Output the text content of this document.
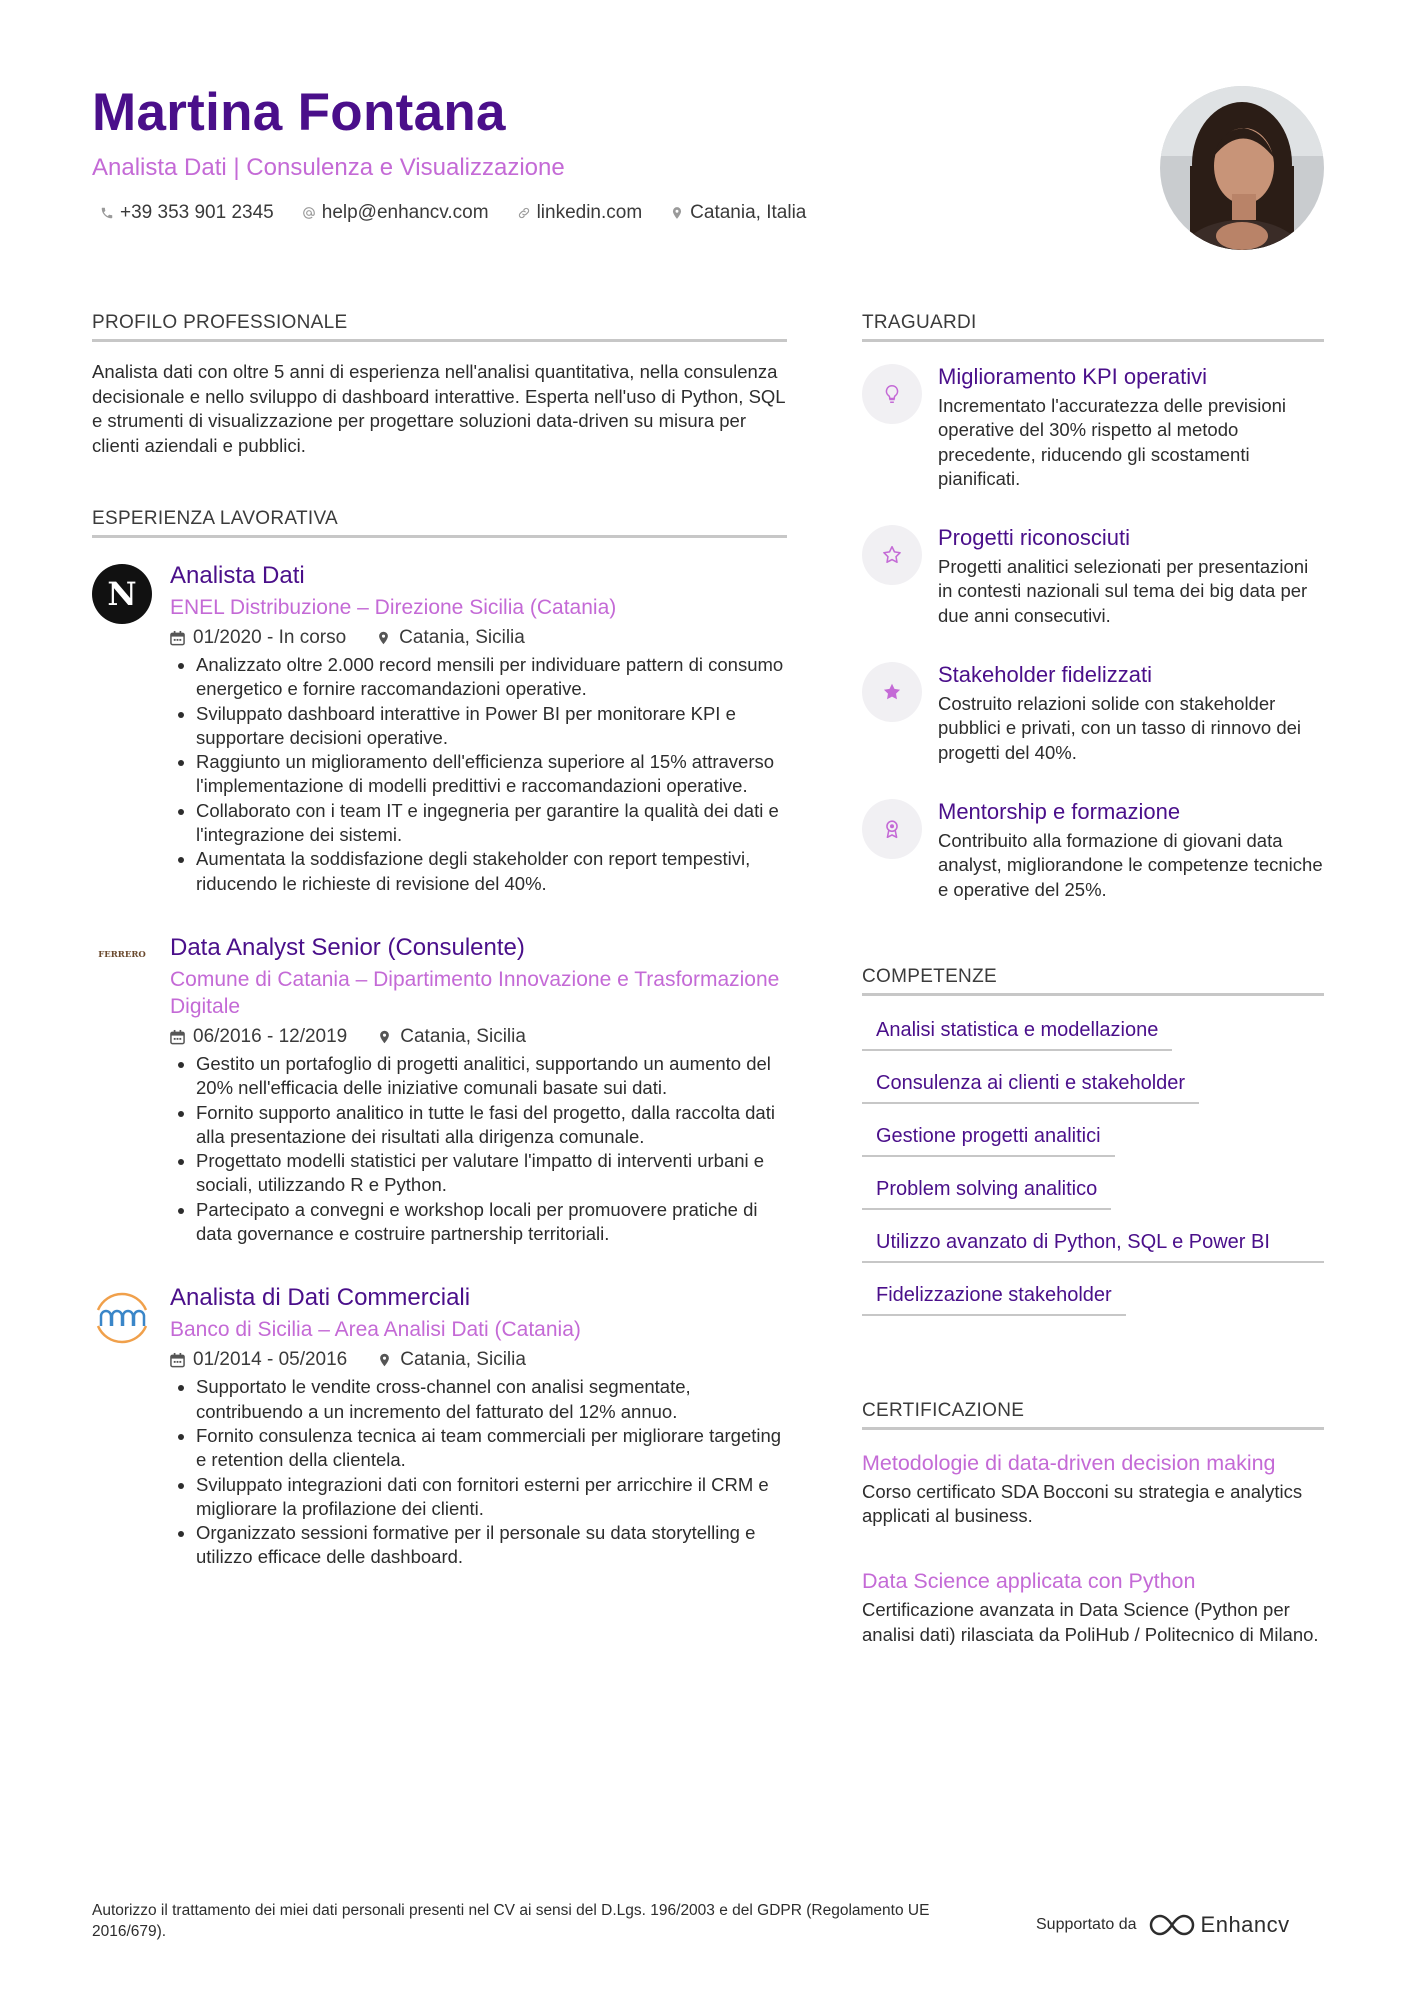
Martina Fontana
Analista Dati | Consulenza e Visualizzazione
+39 353 901 2345	help@enhancv.com	linkedin.com	Catania, Italia
PROFILO PROFESSIONALE
Analista dati con oltre 5 anni di esperienza nell'analisi quantitativa, nella consulenza decisionale e nello sviluppo di dashboard interattive. Esperta nell'uso di Python, SQL e strumenti di visualizzazione per progettare soluzioni data-driven su misura per clienti aziendali e pubblici.
ESPERIENZA LAVORATIVA
N Analista Dati
ENEL Distribuzione – Direzione Sicilia (Catania)
01/2020 - In corso	Catania, Sicilia
Analizzato oltre 2.000 record mensili per individuare pattern di consumo energetico e fornire raccomandazioni operative.
Sviluppato dashboard interattive in Power BI per monitorare KPI e supportare decisioni operative.
Raggiunto un miglioramento dell'efficienza superiore al 15% attraverso l'implementazione di modelli predittivi e raccomandazioni operative.
Collaborato con i team IT e ingegneria per garantire la qualità dei dati e l'integrazione dei sistemi.
Aumentata la soddisfazione degli stakeholder con report tempestivi, riducendo le richieste di revisione del 40%.
FERRERO Data Analyst Senior (Consulente)
Comune di Catania – Dipartimento Innovazione e Trasformazione Digitale
06/2016 - 12/2019	Catania, Sicilia
Gestito un portafoglio di progetti analitici, supportando un aumento del 20% nell'efficacia delle iniziative comunali basate sui dati.
Fornito supporto analitico in tutte le fasi del progetto, dalla raccolta dati alla presentazione dei risultati alla dirigenza comunale.
Progettato modelli statistici per valutare l'impatto di interventi urbani e sociali, utilizzando R e Python.
Partecipato a convegni e workshop locali per promuovere pratiche di data governance e costruire partnership territoriali.
Analista di Dati Commerciali
Banco di Sicilia – Area Analisi Dati (Catania)
01/2014 - 05/2016	Catania, Sicilia
Supportato le vendite cross-channel con analisi segmentate, contribuendo a un incremento del fatturato del 12% annuo.
Fornito consulenza tecnica ai team commerciali per migliorare targeting e retention della clientela.
Sviluppato integrazioni dati con fornitori esterni per arricchire il CRM e migliorare la profilazione dei clienti.
Organizzato sessioni formative per il personale su data storytelling e utilizzo efficace delle dashboard.
TRAGUARDI
Miglioramento KPI operativi
Incrementato l'accuratezza delle previsioni operative del 30% rispetto al metodo precedente, riducendo gli scostamenti pianificati.
Progetti riconosciuti
Progetti analitici selezionati per presentazioni in contesti nazionali sul tema dei big data per due anni consecutivi.
Stakeholder fidelizzati
Costruito relazioni solide con stakeholder pubblici e privati, con un tasso di rinnovo dei progetti del 40%.
Mentorship e formazione
Contribuito alla formazione di giovani data analyst, migliorandone le competenze tecniche e operative del 25%.
COMPETENZE
Analisi statistica e modellazione
Consulenza ai clienti e stakeholder
Gestione progetti analitici
Problem solving analitico
Utilizzo avanzato di Python, SQL e Power BI
Fidelizzazione stakeholder
CERTIFICAZIONE
Metodologie di data-driven decision making
Corso certificato SDA Bocconi su strategia e analytics applicati al business.
Data Science applicata con Python
Certificazione avanzata in Data Science (Python per analisi dati) rilasciata da PoliHub / Politecnico di Milano.
Autorizzo il trattamento dei miei dati personali presenti nel CV ai sensi del D.Lgs. 196/2003 e del GDPR (Regolamento UE 2016/679).	Supportato da	Enhancv
